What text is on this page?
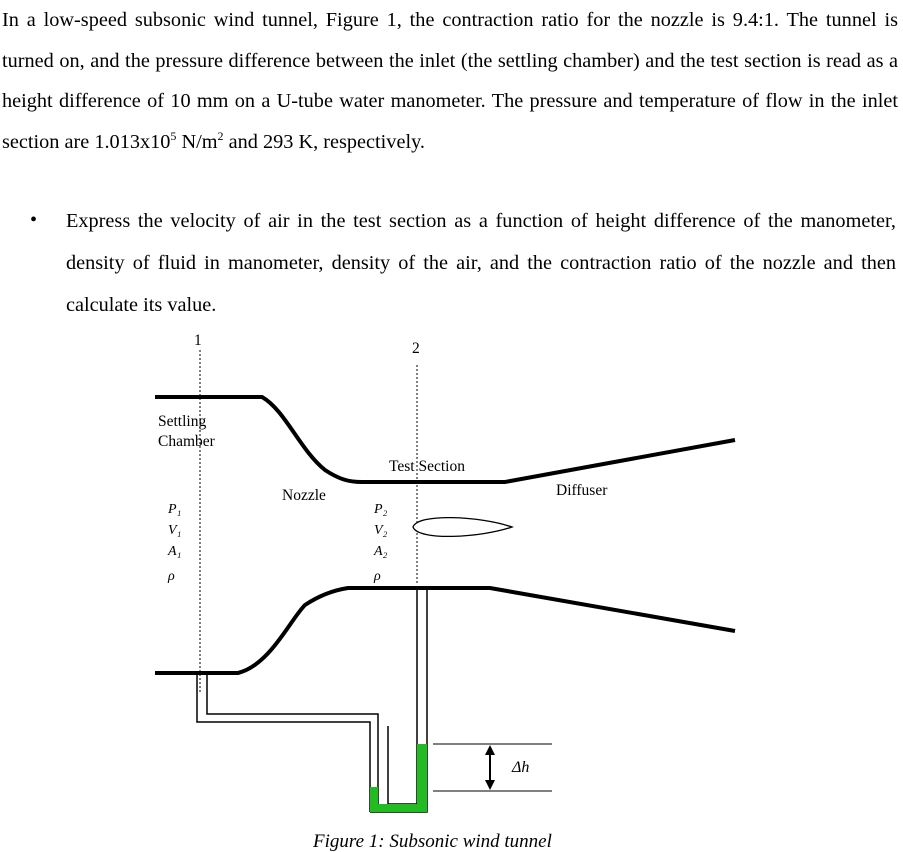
In a low-speed subsonic wind tunnel, Figure 1, the contraction ratio for the nozzle is 9.4:1. The tunnel is turned on, and the pressure difference between the inlet (the settling chamber) and the test section is read as a height difference of 10 mm on a U-tube water manometer. The pressure and temperature of flow in the inlet section are $1.013x10^5$ $N/m^2$ and 293 K, respectively.

• Express the velocity of air in the test section as a function of height difference of the manometer, density of fluid in manometer, density of the air, and the contraction ratio of the nozzle and then calculate its value.

1	2
Settling
Chamber
Nozzle
Test Section
Diffuser
P₁
V₁
A₁
ρ
P₂
V₂
A₂
ρ
Δh
Figure 1: Subsonic wind tunnel
